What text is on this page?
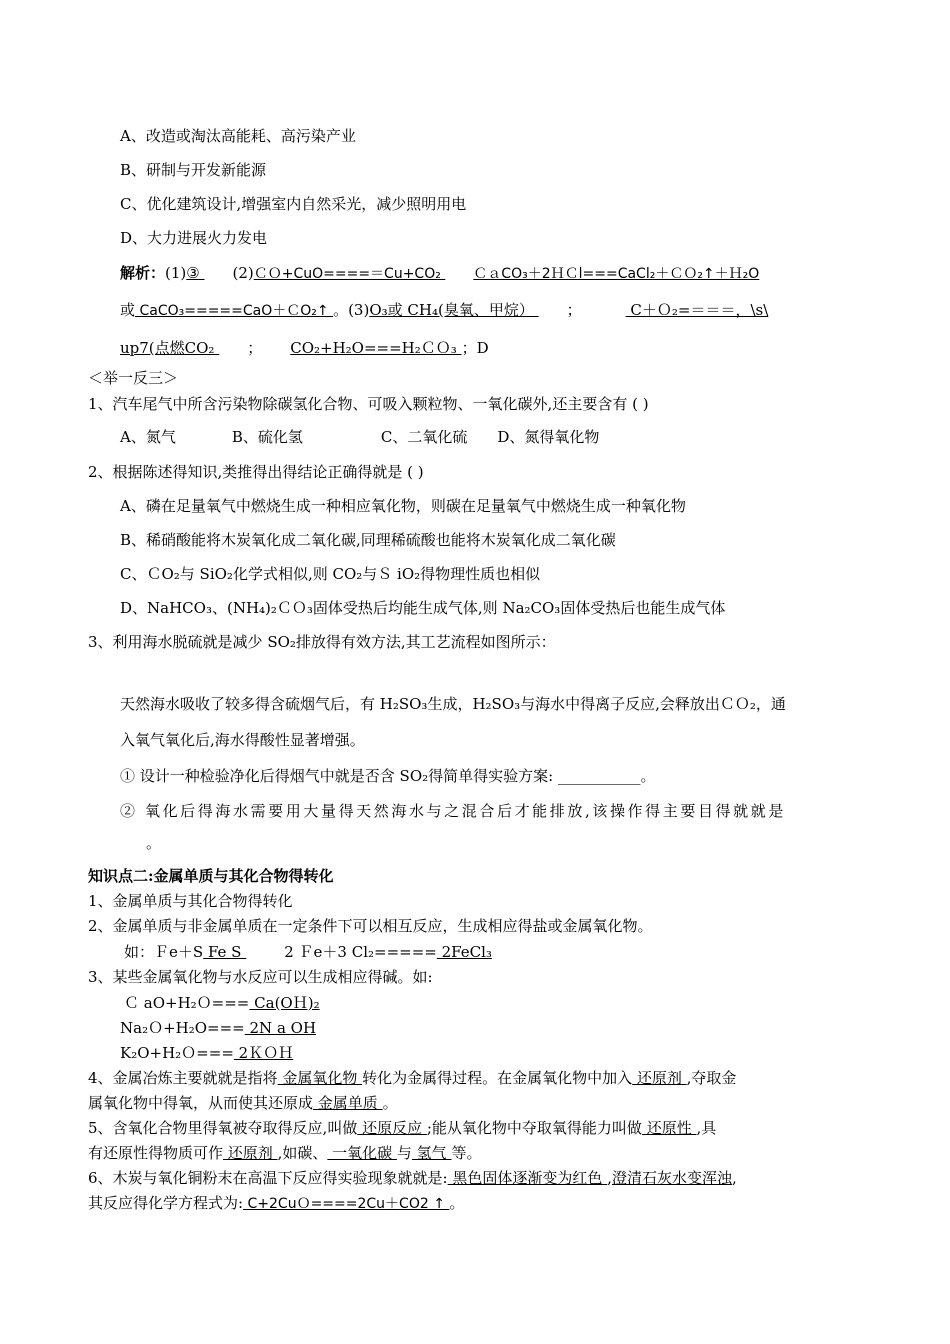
A、改造或淘汰高能耗、高污染产业
B、研制与开发新能源
C、优化建筑设计,增强室内自然采光，减少照明用电
D、大力进展火力发电
解析：(1)③ (2)ＣＯ+CuO====＝Cu+CO₂ ＣａCO₃＋2ＨＣl===CaCl₂＋ＣＯ₂↑＋Ｈ₂O
或 CaCO₃=====CaO＋ＣO₂↑ 。(3)O₃或 CH₄(臭氧、甲烷） ；	C＋Ｏ₂=＝＝＝，\s\
up7(点燃CO₂ ； CO₂+H₂O===H₂ＣＯ₃ ；D
＜举一反三＞
1、汽车尾气中所含污染物除碳氢化合物、可吸入颗粒物、一氧化碳外,还主要含有 ( )
A、氮气	B、硫化氢	C、二氧化硫 D、氮得氧化物
2、根据陈述得知识,类推得出得结论正确得就是 ( )
A、磷在足量氧气中燃烧生成一种相应氧化物，则碳在足量氧气中燃烧生成一种氧化物
B、稀硝酸能将木炭氧化成二氧化碳,同理稀硫酸也能将木炭氧化成二氧化碳
C、ＣO₂与 SiO₂化学式相似,则 CO₂与Ｓ iO₂得物理性质也相似
D、NaHCO₃、(NH₄)₂ＣＯ₃固体受热后均能生成气体,则 Na₂CO₃固体受热后也能生成气体
3、利用海水脱硫就是减少 SO₂排放得有效方法,其工艺流程如图所示：
天然海水吸收了较多得含硫烟气后，有 H₂SO₃生成，H₂SO₃与海水中得离子反应,会释放出ＣＯ₂，通
入氧气氧化后,海水得酸性显著增强。
① 设计一种检验净化后得烟气中就是否含 SO₂得简单得实验方案: ___________。
② 氧化后得海水需要用大量得天然海水与之混合后才能排放,该操作得主要目得就就是
。
知识点二:金属单质与其化合物得转化
1、金属单质与其化合物得转化
2、金属单质与非金属单质在一定条件下可以相互反应，生成相应得盐或金属氧化物。
如：Ｆe＋S Fe S	2 Ｆe＋3 Cl₂===== 2FeCl₃
3、某些金属氧化物与水反应可以生成相应得碱。如:
Ｃ aO+H₂Ｏ=== Ca(OＨ)₂
Na₂Ｏ+H₂O=== 2N a OH
K₂O+H₂Ｏ=== 2ＫＯＨ
4、金属冶炼主要就就是指将 金属氧化物 转化为金属得过程。在金属氧化物中加入 还原剂 ,夺取金
属氧化物中得氧，从而使其还原成 金属单质 。
5、含氧化合物里得氧被夺取得反应,叫做 还原反应 ;能从氧化物中夺取氧得能力叫做 还原性 ,具
有还原性得物质可作 还原剂 ,如碳、 一氧化碳 与 氢气 等。
6、木炭与氧化铜粉末在高温下反应得实验现象就就是: 黑色固体逐渐变为红色 ,澄清石灰水变浑浊,
其反应得化学方程式为: C+2CuＯ====2Cu＋CO2 ↑ 。
